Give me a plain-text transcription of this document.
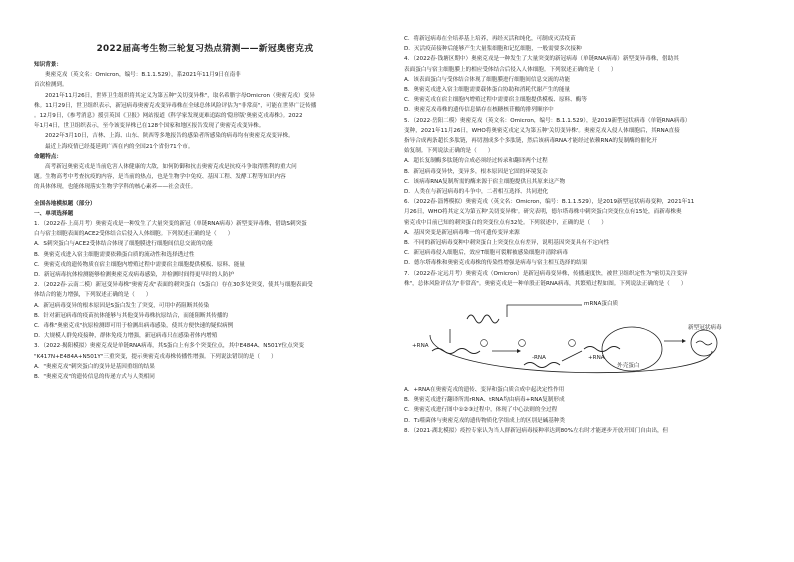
2022届高考生物三轮复习热点猜测——新冠奥密克戎
知识背景：
奥密克戎（英文名：Omicron，编号：B.1.1.529），系2021年11月9日在南非
首次检测到。
2021年11月26日，世界卫生组织将其定义为第五种"关切变异株"，取名希腊字母Omicron（奥密克戎）变异
株。11月29日，世卫组织表示，新冠病毒奥密克戎变异毒株在全球总体风险评估为"非常高"，可能在世界广泛传播
。12月9日，《参考消息》援引英国《卫报》网站报道《科学家发现更难追踪的'隐形版'奥密克戎毒株》。2022
年1月4日，世卫组织表示，至今该变异株已在128个国家和地区报告发现了奥密克戎变异株。
2022年3月10日，吉林、上海、山东、陕西等多地报告的感染者所感染的病毒均有奥密克戎变异株。
最近上海疫情已经蔓延到广西在内的全国21个省份71个市。
命题特点：
高考新冠奥密克戎是当前危害人体健康的大敌，如何防御和抗击奥密克戎是抗疫斗争取得胜利的重大问
题。生物高考中考查抗疫的内容，是当前的热点，也是生物学中免疫、基因工程、发酵工程等知识内容
的具体体现，也能体现落实生物学学科的核心素养——社会责任。
全国各地模拟题（部分）
一、单项选择题
1．（2022春·上高月考）奥密克戎是一种发生了大量突变的新冠（单链RNA病毒）新型变异毒株，借助S刺突蛋
白与宿主细胞表面的ACE2受体结合后侵入人体细胞。下列叙述正确的是（　　）
A．S刺突蛋白与ACE2受体结合体现了细胞膜进行细胞间信息交流的功能
B．奥密克戎进入宿主细胞需要依赖蛋白质的流动性和选择透过性
C．奥密克戎的遗传物质在宿主细胞内增殖过程中需要宿主细胞提供模板、原料、能量
D．新冠病毒抗体检测能够检测奥密克戎病毒感染，并检测时间得更早时的人防护
2．（2022春·云南二模）新冠变异毒株"奥密克戎"表面的刺突蛋白（S蛋白）存在30多处突变，使其与细胞表面受
体结合的能力增强，下列叙述正确的是（　　）
A．新冠病毒变异的根本原因是S蛋白发生了突变，可用中药阻断其传染
B．针对新冠病毒的疫苗抗体能够与其他变异毒株抗原结合，而能阻断其传播的
C．毒株"奥密克戎"抗原检测即可用于检测出病毒感染，使其方便快速的疑似病例
D．大规模人群免疫接种，群体免疫力增强，新冠病毒只在感染者体内增殖
3．（2022·揭阳模拟）奥密克戎是单链RNA病毒，其S蛋白上有多个突变位点，其中E484A、N501Y位点突变
"K417N+E484A+N501Y"三重突变，提示奥密克戎毒株传播性增强。下列说法错误的是（　　）
A．"奥密克戎"刺突蛋白的变异是基因重组的结果
B．"奥密克戎"的遗传信息的传递方式与人类相同
C．将新冠病毒在全培养基上培养，再经灭活和纯化，可制成灭活疫苗
D．灭活疫苗接种后能够产生大量浆细胞和记忆细胞，一般需要多次接种
4．（2022春·钱塘区期中）奥密克戎是一种发生了大量突变的新冠病毒（单链RNA病毒）新型变异毒株，借助其
表面蛋白与宿主细胞膜上的相应受体结合后侵入人体细胞。下列叙述正确的是（　　）
A．该表面蛋白与受体结合体现了细胞膜进行细胞间信息交流的功能
B．奥密克戎进入宿主细胞需要载体蛋白协助和消耗代谢产生的能量
C．奥密克戎在宿主细胞内增殖过程中需要宿主细胞提供模板、原料、酶等
D．奥密克戎毒株的遗传信息储存在核糖核苷酸的排列顺序中
5．（2022·岳阳二模）奥密克戎（英文名：Omicron，编号：B.1.1.529），是2019新型冠状病毒（单链RNA病毒）
变种，2021年11月26日，WHO将奥密克戎定义为第五种'关切变异株'。奥密克戎入侵人体细胞后，其RNA直接
指导合成两条超长多肽链，再切割成多个多肽链，然后该病毒RNA才能经过依赖RNA的复制酶的催化开
始复制。下列说法正确的是（　　）
A．超长复制酶多肽链的合成必须经过转录和翻译两个过程
B．新冠病毒变异快，变异多，根本原因是它固的环境复杂
C．该病毒RNA复制所需的酶来源于宿主细胞提供且其原来这产物
D．人类在与新冠病毒的斗争中，二者相互选择、共同进化
6．（2022春·淄博模拟）奥密克戎（英文名：Omicron，编号：B.1.1.529），是2019新型冠状病毒变种，2021年11
月26日，WHO将其定义为第五种'关切变异株'。研究表明，德尔塔毒株中刺突蛋白突变位点有15处，而新毒株奥
密克戎中目前已知的刺突蛋白的突变位点有32处。下列叙述中，正确的是（　　）
A．基因突变是新冠病毒唯一的可遗传变异来源
B．不同的新冠病毒变种中刺突蛋白上突变位点有差异，说明基因突变具有不定向性
C．新冠病毒侵入细胞后，效应T细胞可裂解被感染细胞并清除病毒
D．德尔塔毒株和奥密克戎毒株的传染性增强是病毒与宿主相互选择的结果
7．（2022春·定远月考）奥密克戎（Omicron）是新冠病毒变异株，传播速度快，被世卫组织定性为"密切关注变异
株"，总体风险评估为"非常高"。奥密克戎是一种单股正链RNA病毒，其繁殖过程如图。下列说法正确的是（　　）
mRNA蛋白质
+RNA
-RNA	+RNA
外壳蛋白
新型冠状病毒
A．+RNA在奥密克戎的遗传、变异和蛋白质合成中起决定性作用
B．奥密克戎进行翻译所需rRNA、tRNA均由病毒+RNA复制形成
C．奥密克戎进行图中①②③过程中，体现了中心法则的全过程
D．T₂噬菌体与奥密克戎的遗传物质化学组成上的区别是碱基种类
8．（2021·湖北模拟）疫控专家认为当人群新冠病毒接种率达到80%左右时才能逐步开放开国门自由出，但
